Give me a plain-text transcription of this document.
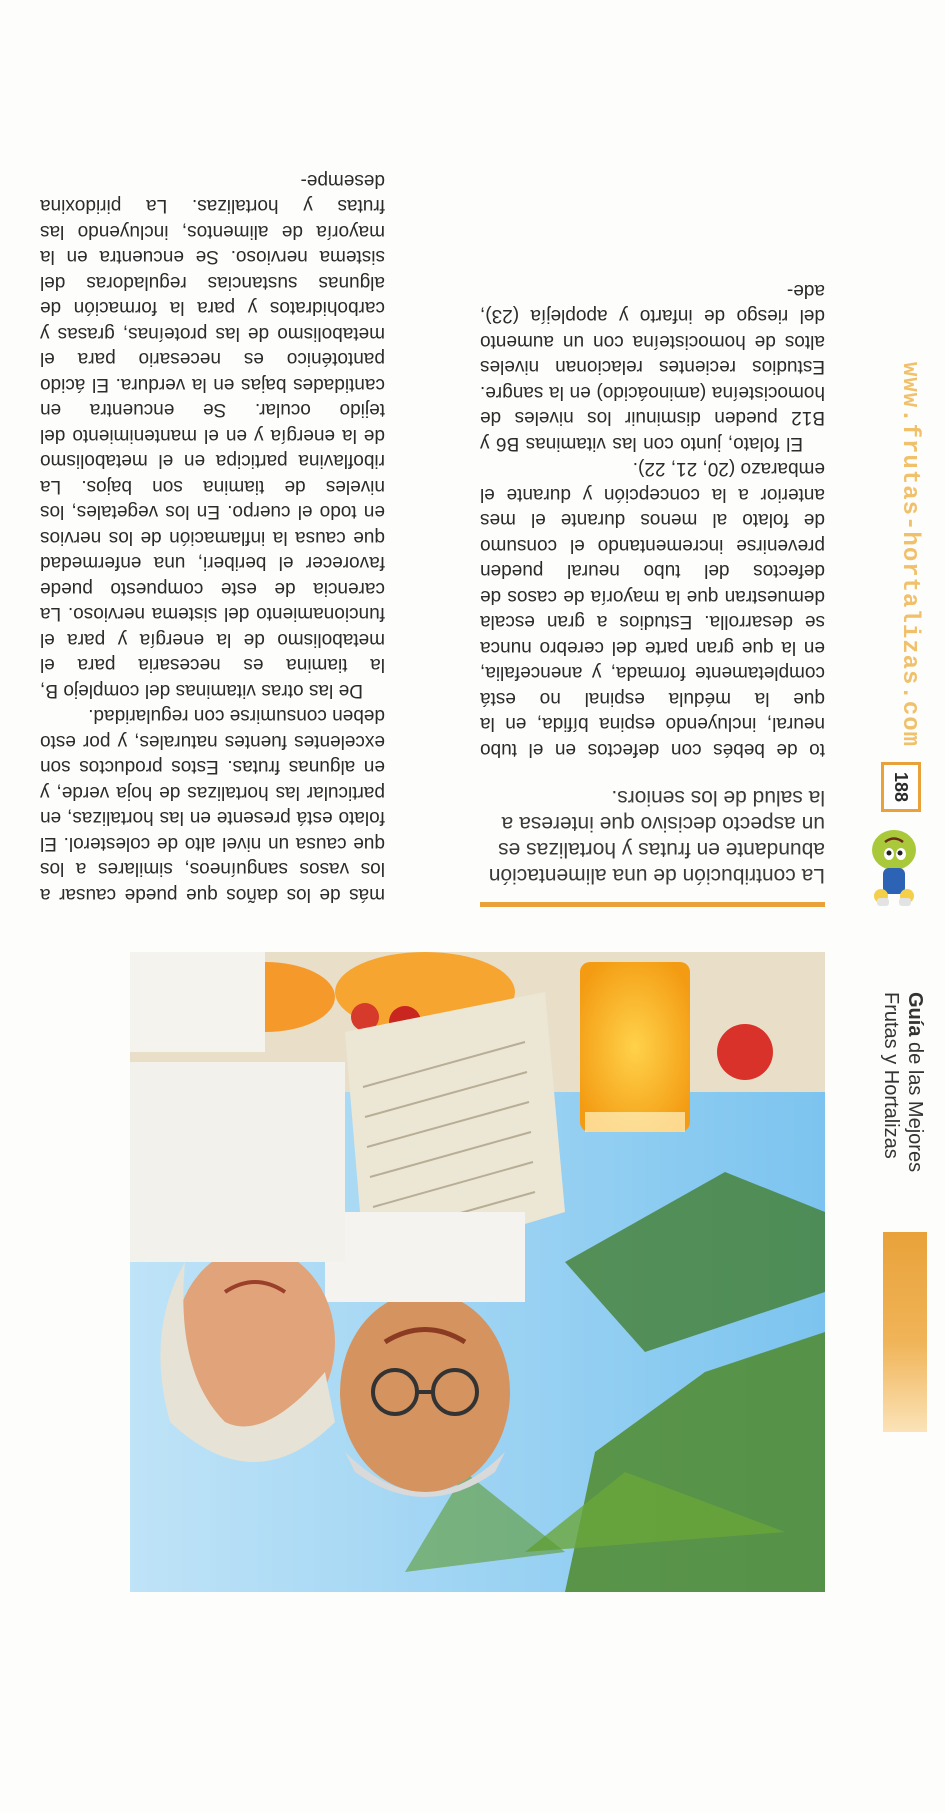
Guía de las Mejores
Frutas y Hortalizas
188
www.frutas-hortalizas.com

to de bebés con defectos en el tubo neural, incluyendo espina bífida, en la que la médula espinal no está completamente formada, y anencefalia, en la que gran parte del cerebro nunca se desarrolla. Estudios a gran escala demuestran que la mayoría de casos de defectos del tubo neural pueden prevenirse incrementando el consumo de folato al menos durante el mes anterior a la concepción y durante el embarazo (20, 21, 22).

El folato, junto con las vitaminas B6 y B12 pueden disminuir los niveles de homocisteína (aminoácido) en la sangre. Estudios recientes relacionan niveles altos de homocisteína con un aumento del riesgo de infarto y apoplejía (23), ade-

más de los daños que puede causar a los vasos sanguíneos, similares a los que causa un nivel alto de colesterol. El folato está presente en las hortalizas, en particular las hortalizas de hoja verde, y en algunas frutas. Estos productos son excelentes fuentes naturales, y por esto deben consumirse con regularidad.

De las otras vitaminas del complejo B, la tiamina es necesaria para el metabolismo de la energía y para el funcionamiento del sistema nervioso. La carencia de este compuesto puede favorecer el beriberi, una enfermedad que causa la inflamación de los nervios en todo el cuerpo. En los vegetales, los niveles de tiamina son bajos. La riboflavina participa en el metabolismo de la energía y en el mantenimiento del tejido ocular. Se encuentra en cantidades bajas en la verdura. El ácido pantoténico es necesario para el metabolismo de las proteínas, grasas y carbohidratos y para la formación de algunas sustancias reguladoras del sistema nervioso. Se encuentra en la mayoría de alimentos, incluyendo las frutas y hortalizas. La piridoxina desempe-

La contribución de una alimentación abundante en frutas y hortalizas es un aspecto decisivo que interesa a la salud de los seniors.
